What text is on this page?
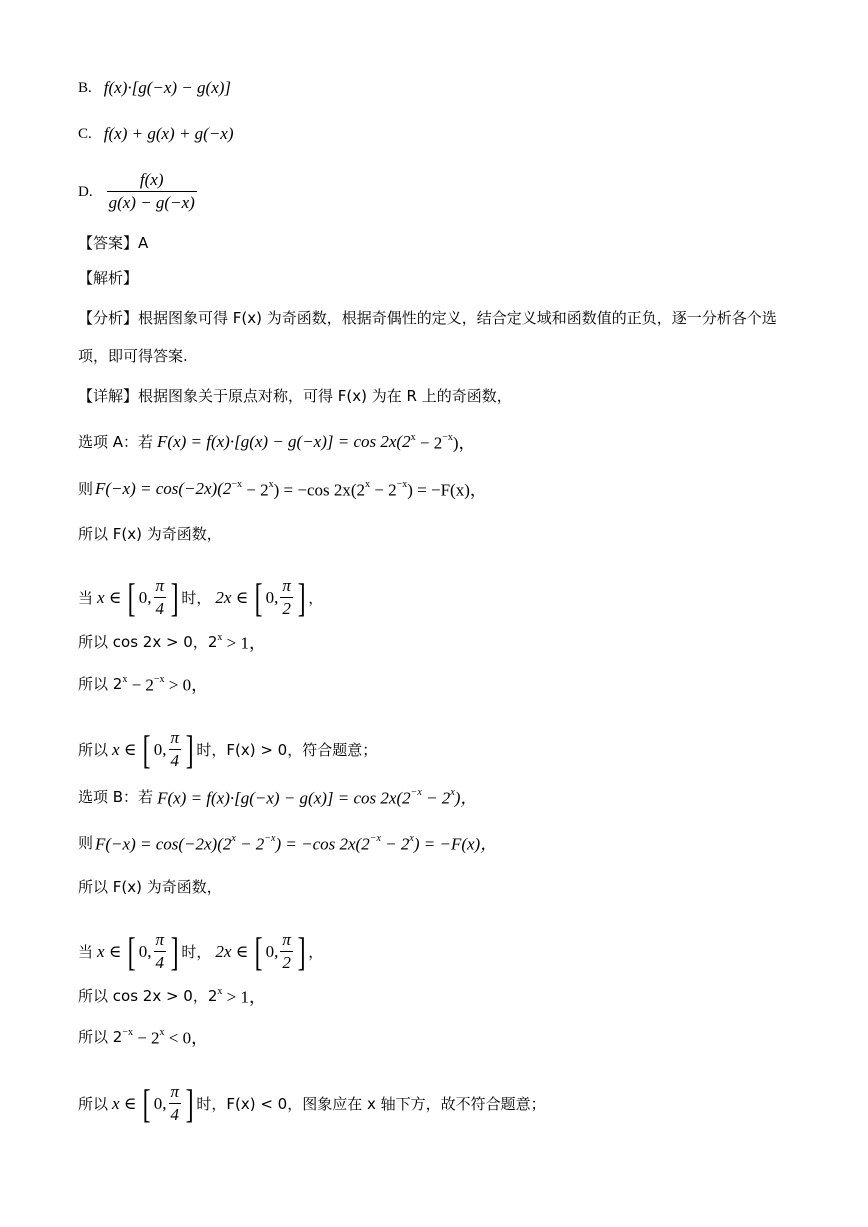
B. f(x)·[g(−x) − g(x)]
C. f(x) + g(x) + g(−x)
D. $\frac{f(x)}{g(x) - g(-x)}$
【答案】A
【解析】
【分析】根据图象可得 F(x) 为奇函数，根据奇偶性的定义，结合定义域和函数值的正负，逐一分析各个选
项，即可得答案.
【详解】根据图象关于原点对称，可得 F(x) 为在 R 上的奇函数，
选项 A：若 F(x) = f(x)·[g(x) − g(−x)] = cos 2x(2 $^x - 2^{-x}$)，
则 F(−x) = cos(−2x)(2 $^{-x} - 2^x) = -\cos$ $2x(2^x - 2^{-x}) = -F(x)$，
所以 F(x) 为奇函数，
当 x ∈ [ 0, $\frac{\pi}{4}$ ] 时， 2x ∈ [ 0, $\frac{\pi}{2}$ ] ，
所以 cos 2x > 0，2 $^x$ > 1，
所以 2 $^x - 2^{-x} > 0$，
所以 x ∈ [ 0, $\frac{\pi}{4}$ ] 时， F(x) > 0，符合题意；
选项 B：若 $F(x) = f(x)\cdot[g(-x) - g(x)] = \cos 2x(2^{-x} - 2^x)$，
则 $F(-x) = \cos(-2x)(2^x - 2^{-x}) = -\cos$ $2x(2^{-x} - 2^x) = -F(x)$，
所以 F(x) 为奇函数，
当 x ∈ [ 0, $\frac{\pi}{4}$ ] 时， 2x ∈ [ 0, $\frac{\pi}{2}$ ] ，
所以 cos 2x > 0，2 $^x$ > 1，
所以 2 $^{-x} - 2^x < 0$，
所以 x ∈ [ 0, $\frac{\pi}{4}$ ] 时， F(x) < 0，图象应在 x 轴下方，故不符合题意；
